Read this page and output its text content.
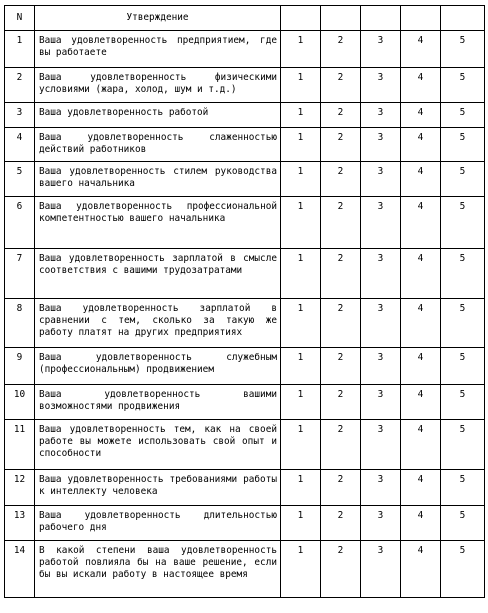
N	Утверждение					
1	Ваша удовлетворенность предприятием, где вы работаете	1	2	3	4	5
2	Ваша удовлетворенность физическими условиями (жара, холод, шум и т.д.)	1	2	3	4	5
3	Ваша удовлетворенность работой	1	2	3	4	5
4	Ваша удовлетворенность слаженностью действий работников	1	2	3	4	5
5	Ваша удовлетворенность стилем руководства вашего начальника	1	2	3	4	5
6	Ваша удовлетворенность профессиональной компетентностью вашего начальника	1	2	3	4	5
7	Ваша удовлетворенность зарплатой в смысле соответствия с вашими трудозатратами	1	2	3	4	5
8	Ваша удовлетворенность зарплатой в сравнении с тем, сколько за такую же работу платят на других предприятиях	1	2	3	4	5
9	Ваша удовлетворенность служебным (профессиональным) продвижением	1	2	3	4	5
10	Ваша удовлетворенность вашими возможностями продвижения	1	2	3	4	5
11	Ваша удовлетворенность тем, как на своей работе вы можете использовать свой опыт и способности	1	2	3	4	5
12	Ваша удовлетворенность требованиями работы к интеллекту человека	1	2	3	4	5
13	Ваша удовлетворенность длительностью рабочего дня	1	2	3	4	5
14	В какой степени ваша удовлетворенность работой повлияла бы на ваше решение, если бы вы искали работу в настоящее время	1	2	3	4	5
